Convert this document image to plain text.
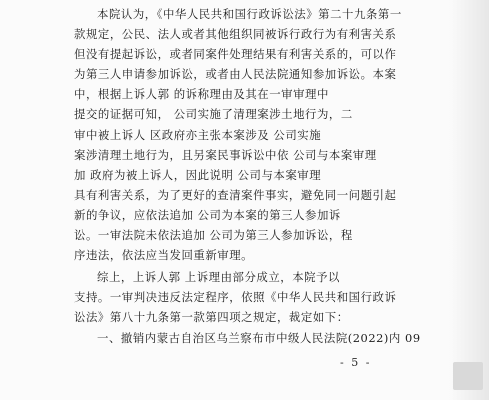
本院认为，《中华人民共和国行政诉讼法》第二十九条第一
款规定，公民、法人或者其他组织同被诉行政行为有利害关系
但没有提起诉讼，或者同案件处理结果有利害关系的，可以作
为第三人申请参加诉讼，或者由人民法院通知参加诉讼。本案
中，根据上诉人郭 的诉称理由及其在一审审理中
提交的证据可知， 公司实施了清理案涉土地行为，二
审中被上诉人 区政府亦主张本案涉及 公司实施
案涉清理土地行为，且另案民事诉讼中依 公司与本案审理
加 政府为被上诉人，因此说明 公司与本案审理
具有利害关系，为了更好的查清案件事实，避免同一问题引起
新的争议，应依法追加 公司为本案的第三人参加诉
讼。一审法院未依法追加 公司为第三人参加诉讼，程
序违法，依法应当发回重新审理。
综上，上诉人郭 上诉理由部分成立，本院予以
支持。一审判决违反法定程序，依照《中华人民共和国行政诉
讼法》第八十九条第一款第四项之规定，裁定如下：
一、撤销内蒙古自治区乌兰察布市中级人民法院(2022)内 09
- 5 -
